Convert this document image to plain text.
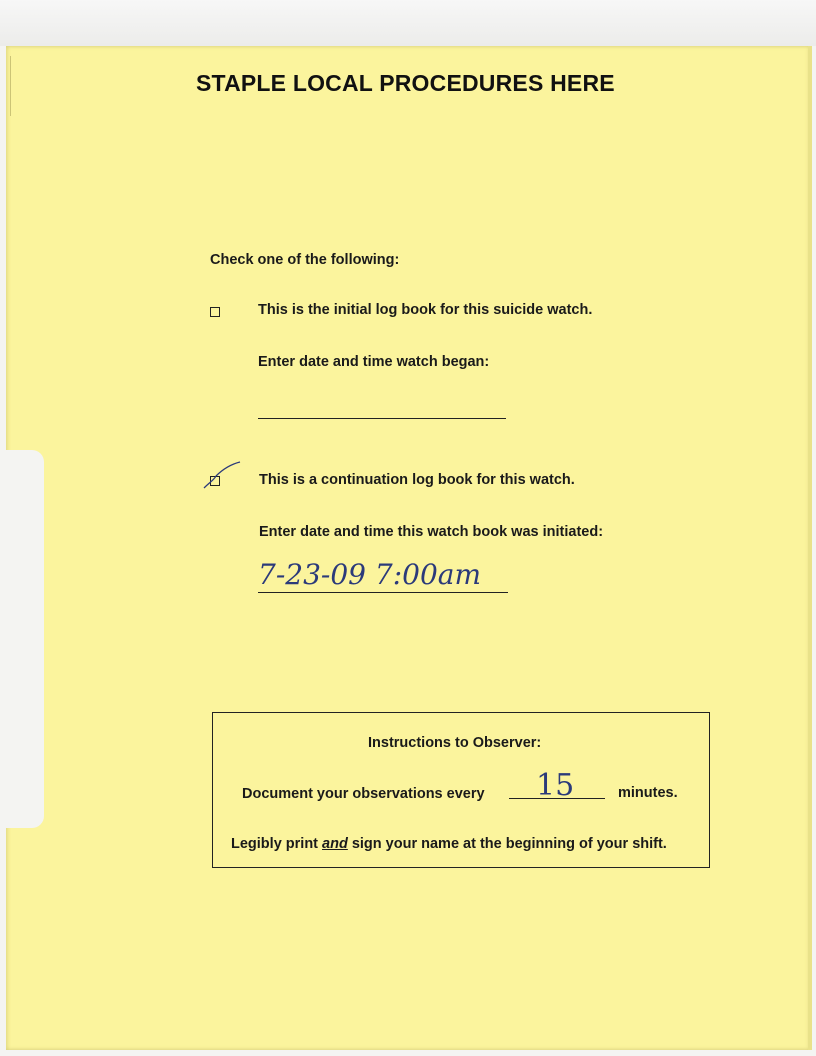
STAPLE LOCAL PROCEDURES HERE
Check one of the following:
This is the initial log book for this suicide watch.
Enter date and time watch began:
This is a continuation log book for this watch.
Enter date and time this watch book was initiated:
7-23-09 7:00am
Instructions to Observer:
Document your observations every 15	minutes.
Legibly print and sign your name at the beginning of your shift.
